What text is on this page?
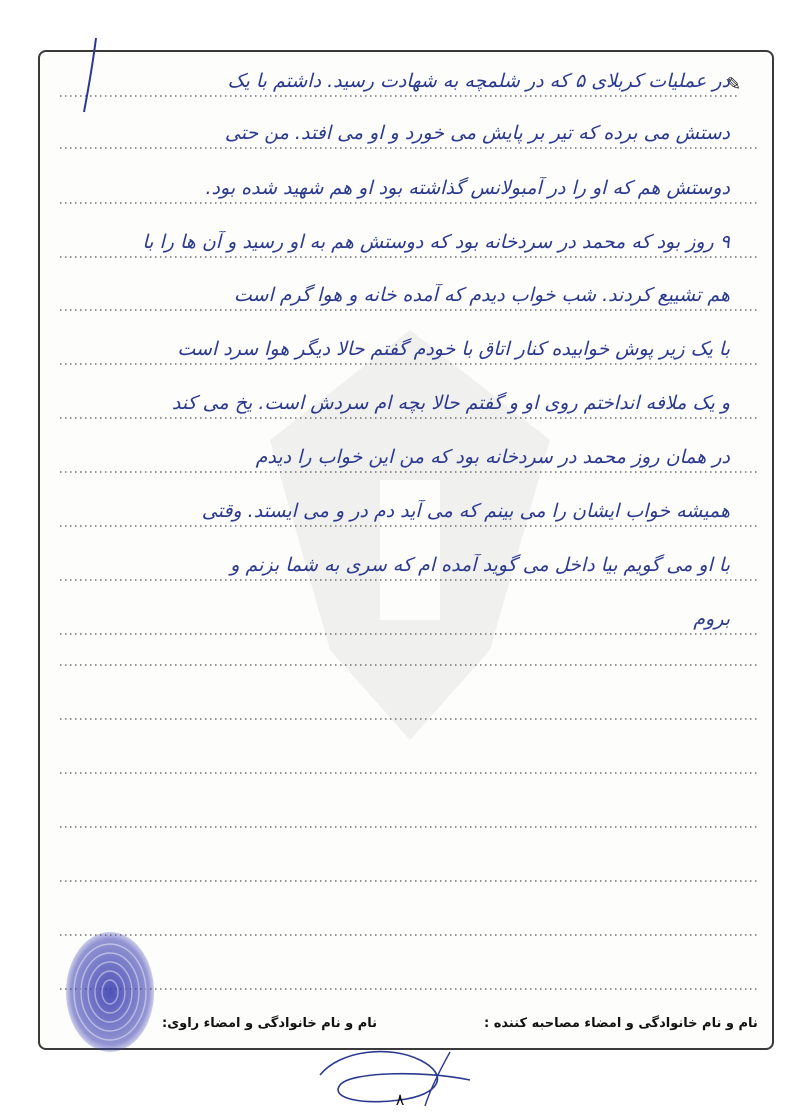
✎
در عملیات کربلای ۵ که در شلمچه به شهادت رسید. داشتم با یک
دستش می برده که تیر بر پایش می خورد و او می افتد. من حتی
دوستش هم که او را در آمبولانس گذاشته بود او هم شهید شده بود.
۹ روز بود که محمد در سردخانه بود که دوستش هم به او رسید و آن ها را با
هم تشییع کردند. شب خواب دیدم که آمده خانه و هوا گرم است
با یک زیر پوش خوابیده کنار اتاق با خودم گفتم حالا دیگر هوا سرد است
و یک ملافه انداختم روی او و گفتم حالا بچه ام سردش است. یخ می کند
در همان روز محمد در سردخانه بود که من این خواب را دیدم
همیشه خواب ایشان را می بینم که می آید دم در و می ایستد. وقتی
با او می گویم بیا داخل می گوید آمده ام که سری به شما بزنم و
بروم
نام و نام خانوادگی و امضاء راوی:	نام و نام خانوادگی و امضاء مصاحبه کننده :
۸
